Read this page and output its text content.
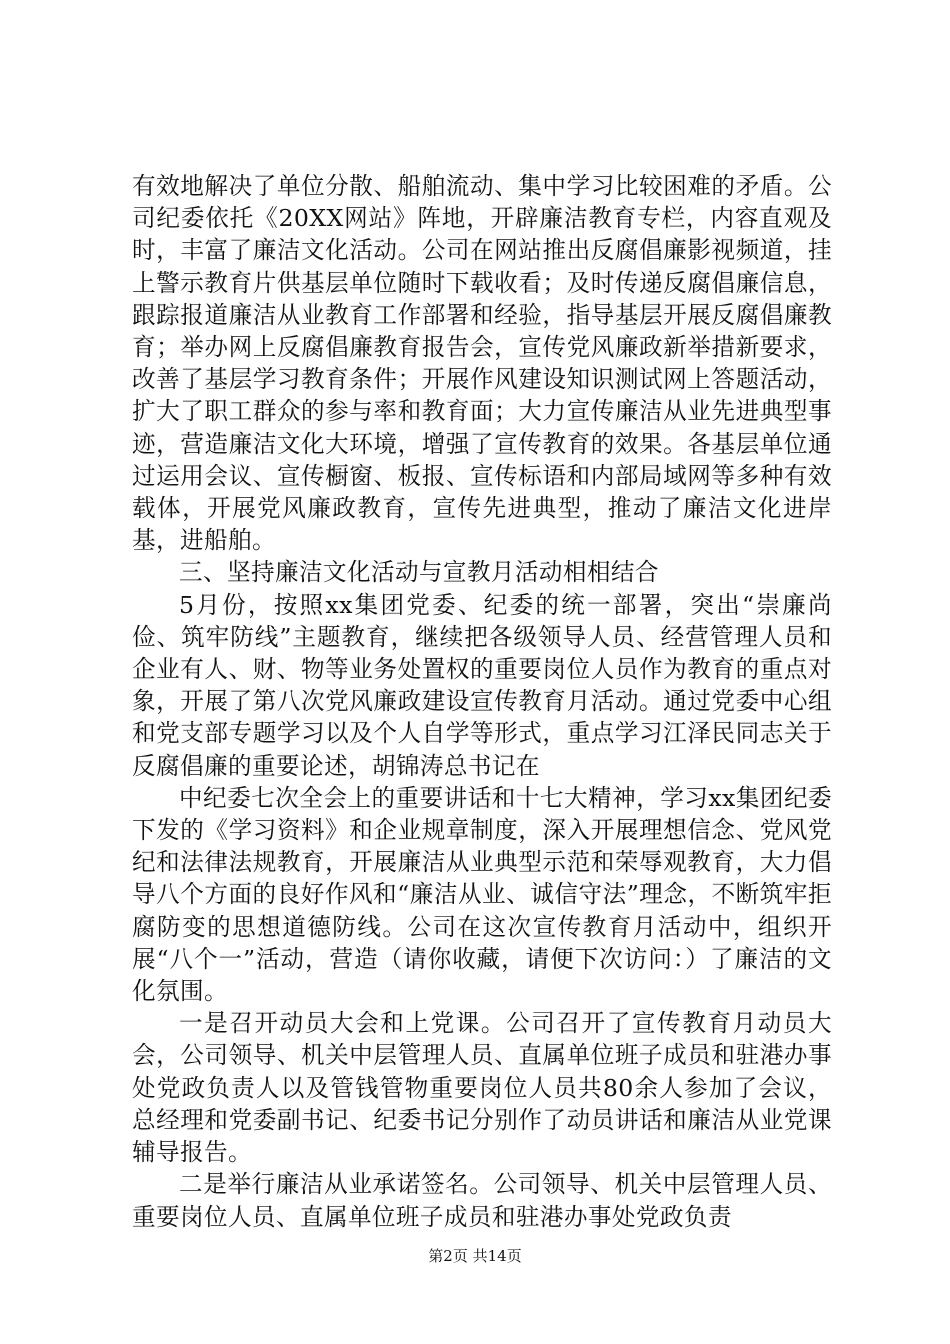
有效地解决了单位分散、船舶流动、集中学习比较困难的矛盾。公司纪委依托《20XX网站》阵地，开辟廉洁教育专栏，内容直观及时，丰富了廉洁文化活动。公司在网站推出反腐倡廉影视频道，挂上警示教育片供基层单位随时下载收看；及时传递反腐倡廉信息，跟踪报道廉洁从业教育工作部署和经验，指导基层开展反腐倡廉教育；举办网上反腐倡廉教育报告会，宣传党风廉政新举措新要求，改善了基层学习教育条件；开展作风建设知识测试网上答题活动，扩大了职工群众的参与率和教育面；大力宣传廉洁从业先进典型事迹，营造廉洁文化大环境，增强了宣传教育的效果。各基层单位通过运用会议、宣传橱窗、板报、宣传标语和内部局域网等多种有效载体，开展党风廉政教育，宣传先进典型，推动了廉洁文化进岸基，进船舶。

三、坚持廉洁文化活动与宣教月活动相相结合

5月份，按照xx集团党委、纪委的统一部署，突出“崇廉尚俭、筑牢防线”主题教育，继续把各级领导人员、经营管理人员和企业有人、财、物等业务处置权的重要岗位人员作为教育的重点对象，开展了第八次党风廉政建设宣传教育月活动。通过党委中心组和党支部专题学习以及个人自学等形式，重点学习江泽民同志关于反腐倡廉的重要论述，胡锦涛总书记在

中纪委七次全会上的重要讲话和十七大精神，学习xx集团纪委下发的《学习资料》和企业规章制度，深入开展理想信念、党风党纪和法律法规教育，开展廉洁从业典型示范和荣辱观教育，大力倡导八个方面的良好作风和“廉洁从业、诚信守法”理念，不断筑牢拒腐防变的思想道德防线。公司在这次宣传教育月活动中，组织开展“八个一”活动，营造（请你收藏，请便下次访问：）了廉洁的文化氛围。

一是召开动员大会和上党课。公司召开了宣传教育月动员大会，公司领导、机关中层管理人员、直属单位班子成员和驻港办事处党政负责人以及管钱管物重要岗位人员共80余人参加了会议，总经理和党委副书记、纪委书记分别作了动员讲话和廉洁从业党课辅导报告。

二是举行廉洁从业承诺签名。公司领导、机关中层管理人员、重要岗位人员、直属单位班子成员和驻港办事处党政负责

第2页 共14页
